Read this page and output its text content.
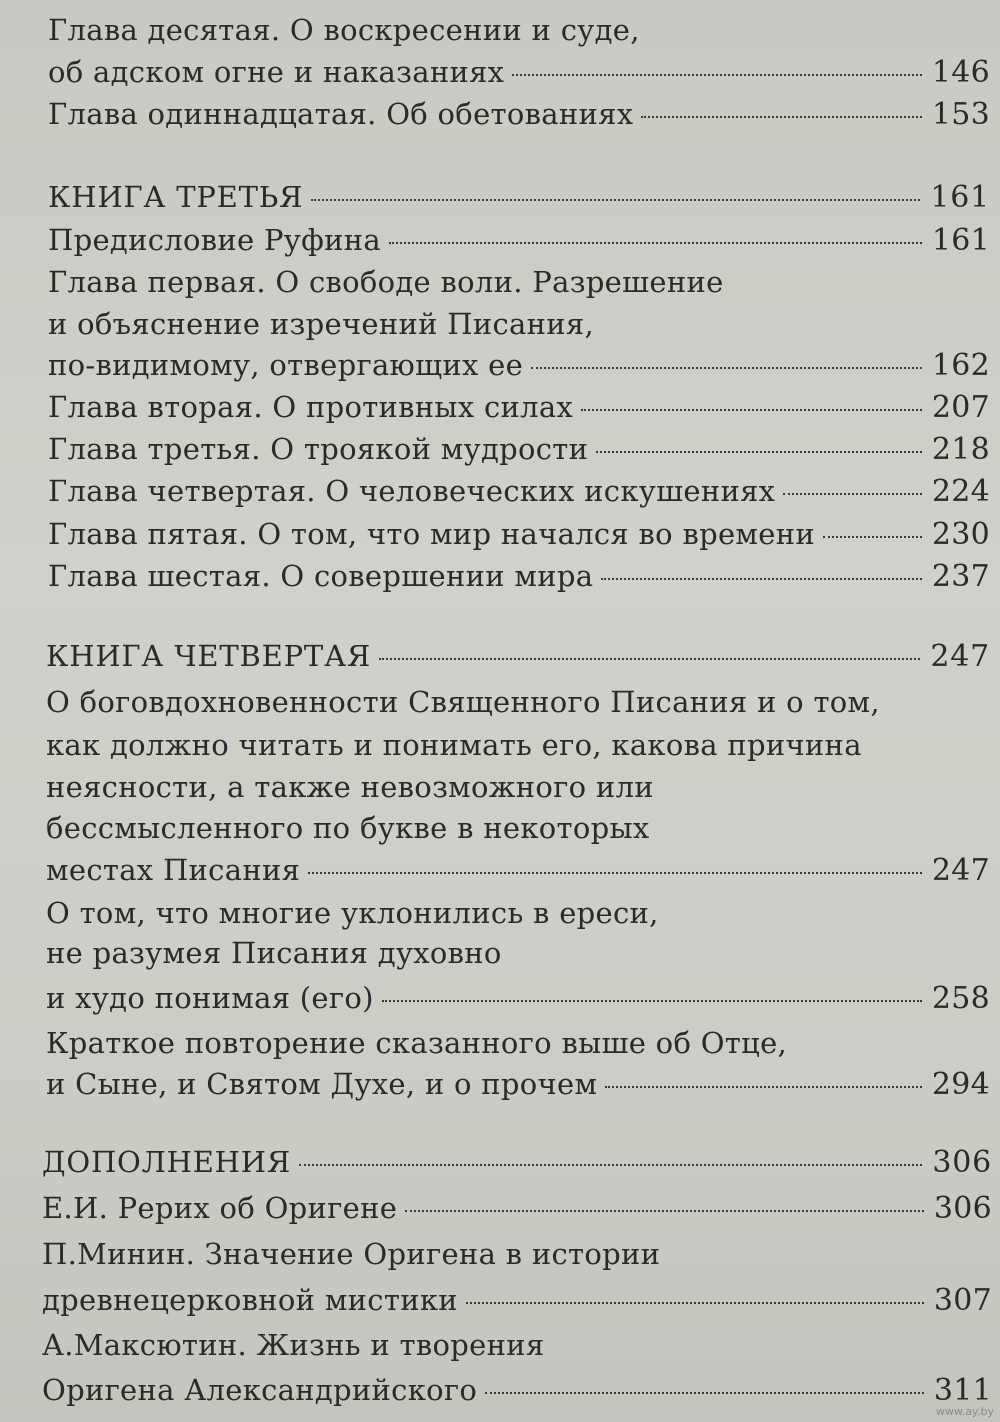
Глава десятая. О воскресении и суде,
об адском огне и наказаниях	146
Глава одиннадцатая. Об обетованиях	153
КНИГА ТРЕТЬЯ	161
Предисловие Руфина	161
Глава первая. О свободе воли. Разрешение
и объяснение изречений Писания,
по-видимому, отвергающих ее	162
Глава вторая. О противных силах	207
Глава третья. О троякой мудрости	218
Глава четвертая. О человеческих искушениях	224
Глава пятая. О том, что мир начался во времени	230
Глава шестая. О совершении мира	237
КНИГА ЧЕТВЕРТАЯ	247
О боговдохновенности Священного Писания и о том,
как должно читать и понимать его, какова причина
неясности, а также невозможного или
бессмысленного по букве в некоторых
местах Писания	247
О том, что многие уклонились в ереси,
не разумея Писания духовно
и худо понимая (его)	258
Краткое повторение сказанного выше об Отце,
и Сыне, и Святом Духе, и о прочем	294
ДОПОЛНЕНИЯ	306
Е.И. Рерих об Оригене	306
П.Минин. Значение Оригена в истории
древнецерковной мистики	307
А.Максютин. Жизнь и творения
Оригена Александрийского	311
www.ay.by
